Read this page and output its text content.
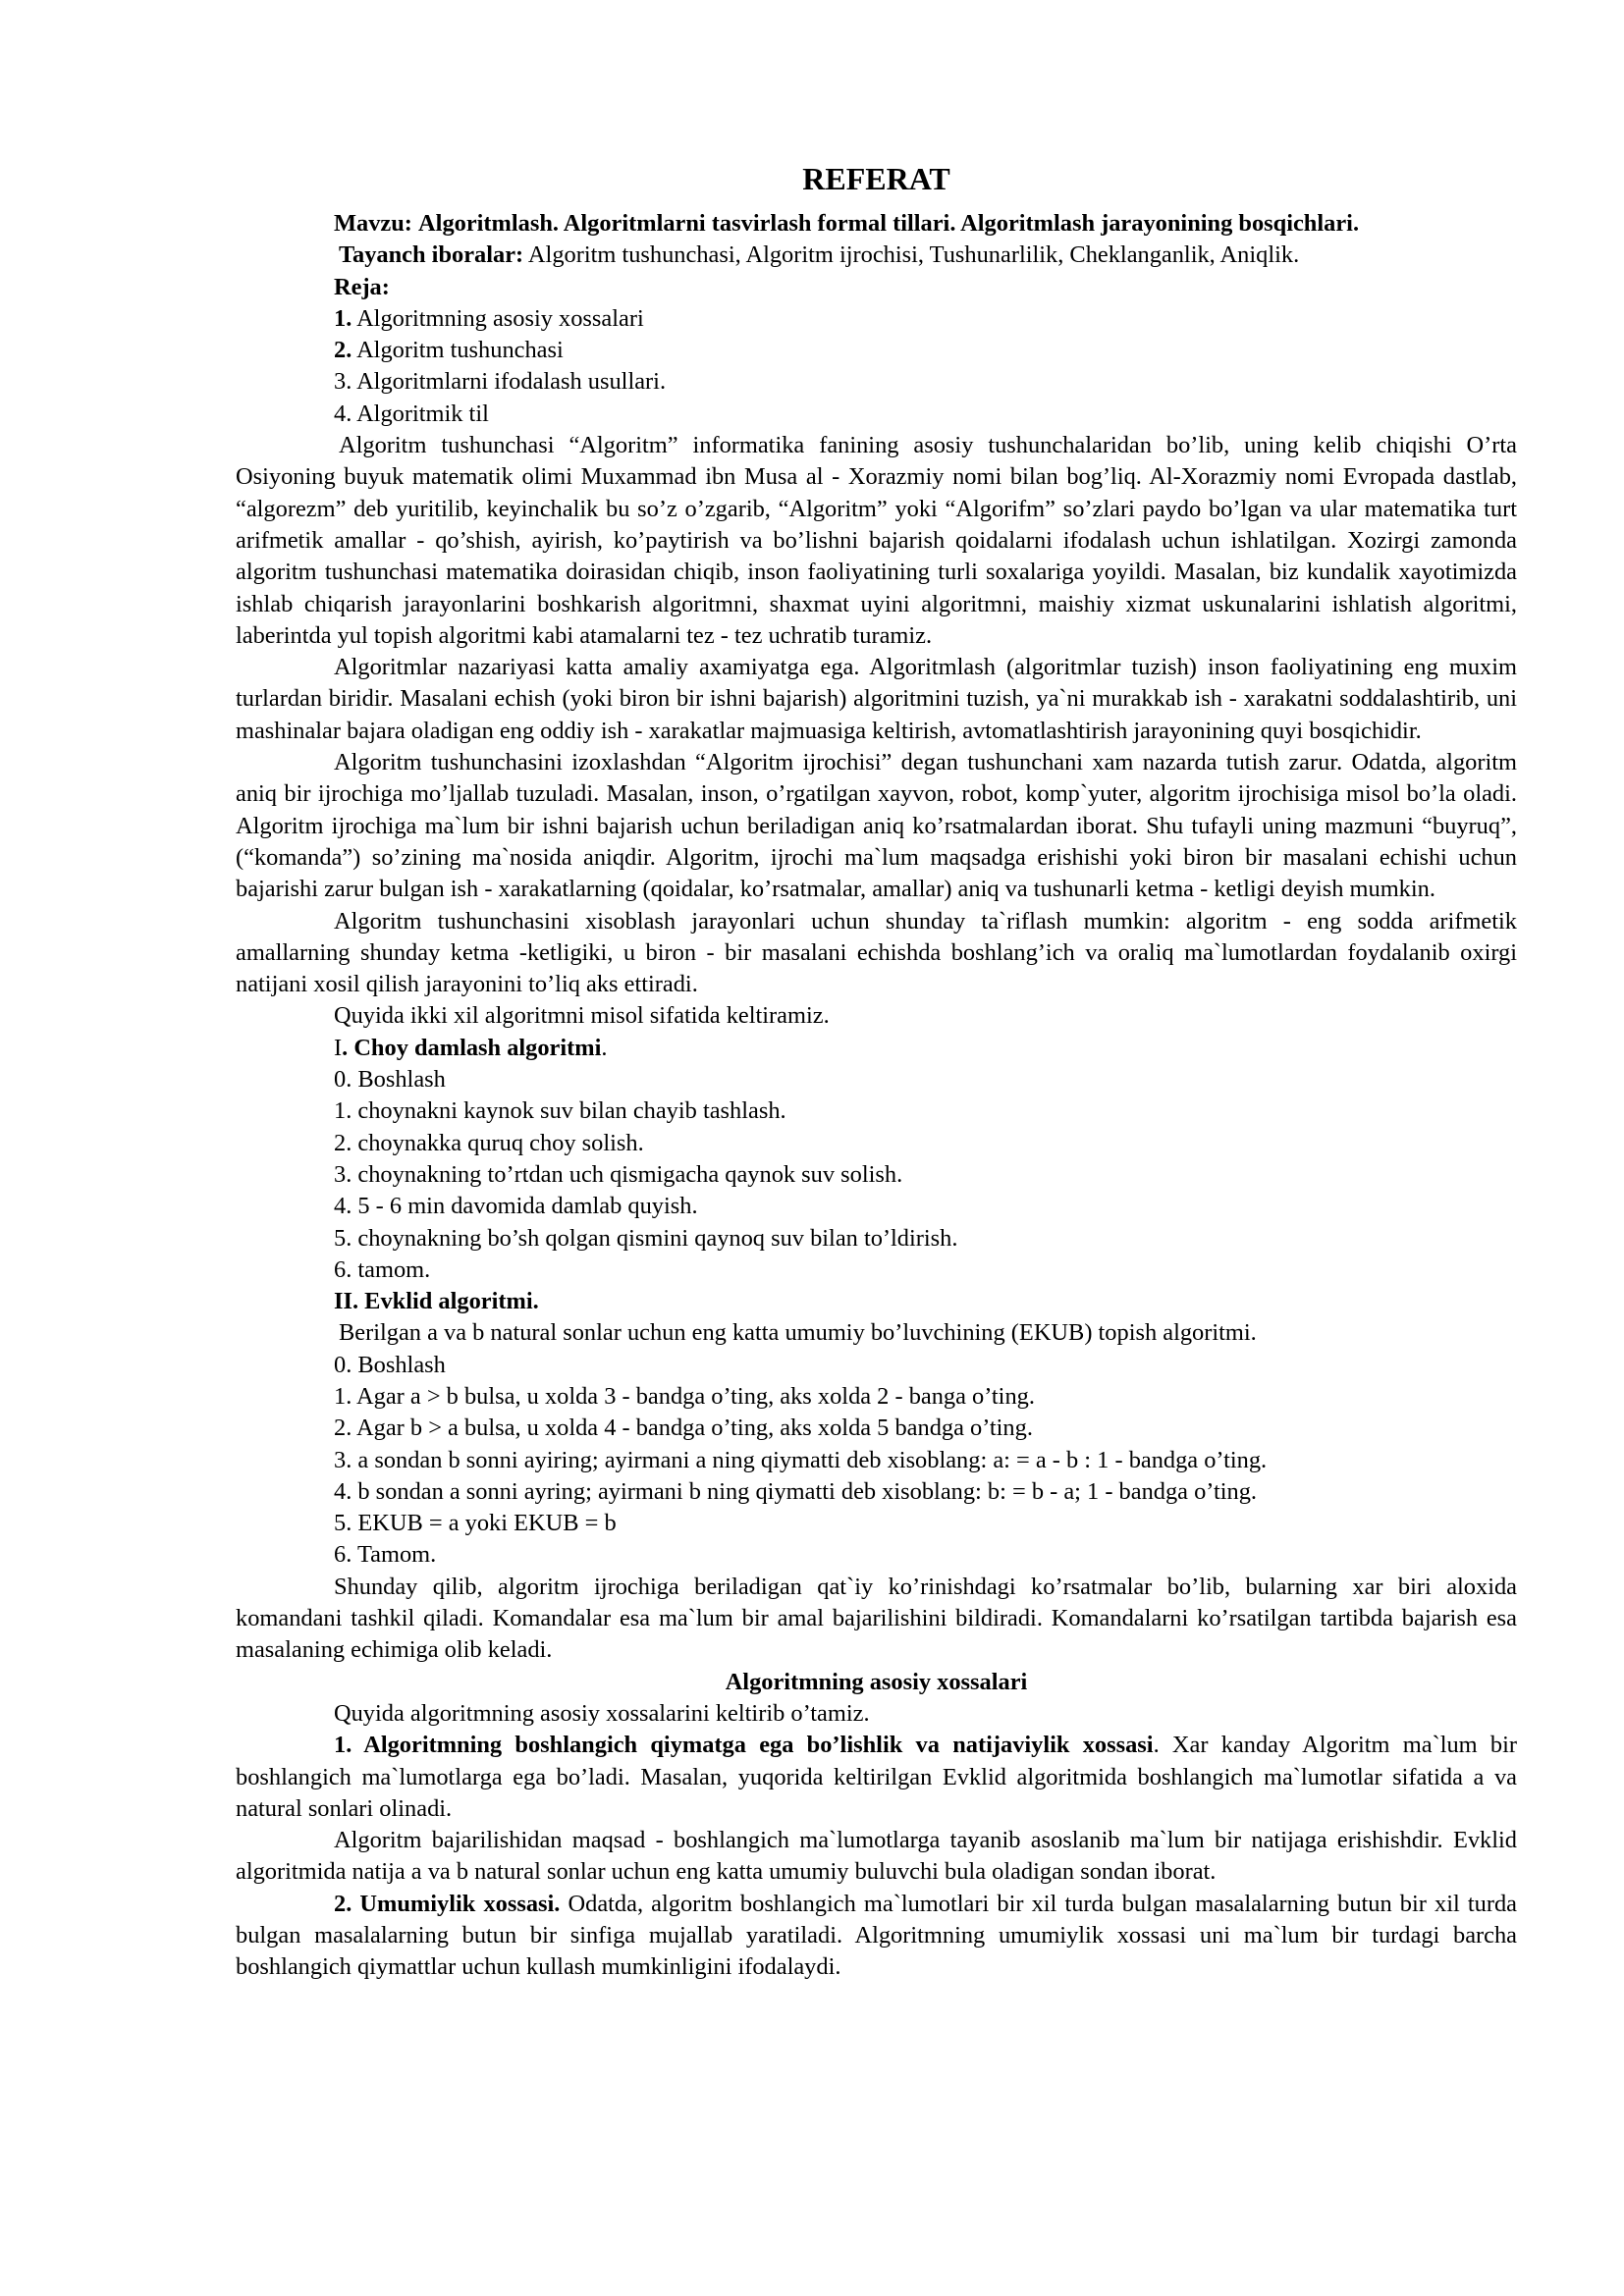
REFERAT
Mavzu: Algoritmlash. Algoritmlarni tasvirlash formal tillari. Algoritmlash jarayonining bosqichlari.
Tayanch iboralar: Algoritm tushunchasi, Algoritm ijrochisi, Tushunarlilik, Cheklanganlik, Aniqlik.
Reja:
1. Algoritmning asosiy xossalari
2. Algoritm tushunchasi
3. Algoritmlarni ifodalash usullari.
4. Algoritmik til
Algoritm tushunchasi “Algoritm” informatika fanining asosiy tushunchalaridan bo’lib, uning kelib chiqishi O’rta Osiyoning buyuk matematik olimi Muxammad ibn Musa al - Xorazmiy nomi bilan bog’liq. Al-Xorazmiy nomi Evropada dastlab, “algorezm” deb yuritilib, keyinchalik bu so’z o’zgarib, “Algoritm” yoki “Algorifm” so’zlari paydo bo’lgan va ular matematika turt arifmetik amallar - qo’shish, ayirish, ko’paytirish va bo’lishni bajarish qoidalarni ifodalash uchun ishlatilgan. Xozirgi zamonda algoritm tushunchasi matematika doirasidan chiqib, inson faoliyatining turli soxalariga yoyildi. Masalan, biz kundalik xayotimizda ishlab chiqarish jarayonlarini boshkarish algoritmni, shaxmat uyini algoritmni, maishiy xizmat uskunalarini ishlatish algoritmi, laberintda yul topish algoritmi kabi atamalarni tez - tez uchratib turamiz.
Algoritmlar nazariyasi katta amaliy axamiyatga ega. Algoritmlash (algoritmlar tuzish) inson faoliyatining eng muxim turlardan biridir. Masalani echish (yoki biron bir ishni bajarish) algoritmini tuzish, ya`ni murakkab ish - xarakatni soddalashtirib, uni mashinalar bajara oladigan eng oddiy ish - xarakatlar majmuasiga keltirish, avtomatlashtirish jarayonining quyi bosqichidir.
Algoritm tushunchasini izoxlashdan “Algoritm ijrochisi” degan tushunchani xam nazarda tutish zarur. Odatda, algoritm aniq bir ijrochiga mo’ljallab tuzuladi. Masalan, inson, o’rgatilgan xayvon, robot, komp`yuter, algoritm ijrochisiga misol bo’la oladi. Algoritm ijrochiga ma`lum bir ishni bajarish uchun beriladigan aniq ko’rsatmalardan iborat. Shu tufayli uning mazmuni “buyruq”, (“komanda”) so’zining ma`nosida aniqdir. Algoritm, ijrochi ma`lum maqsadga erishishi yoki biron bir masalani echishi uchun bajarishi zarur bulgan ish - xarakatlarning (qoidalar, ko’rsatmalar, amallar) aniq va tushunarli ketma - ketligi deyish mumkin.
Algoritm tushunchasini xisoblash jarayonlari uchun shunday ta`riflash mumkin: algoritm - eng sodda arifmetik amallarning shunday ketma -ketligiki, u biron - bir masalani echishda boshlang’ich va oraliq ma`lumotlardan foydalanib oxirgi natijani xosil qilish jarayonini to’liq aks ettiradi.
Quyida ikki xil algoritmni misol sifatida keltiramiz.
I. Choy damlash algoritmi.
0. Boshlash
1. choynakni kaynok suv bilan chayib tashlash.
2. choynakka quruq choy solish.
3. choynakning to’rtdan uch qismigacha qaynok suv solish.
4. 5 - 6 min davomida damlab quyish.
5. choynakning bo’sh qolgan qismini qaynoq suv bilan to’ldirish.
6. tamom.
II. Evklid algoritmi.
Berilgan a va b natural sonlar uchun eng katta umumiy bo’luvchining (EKUB) topish algoritmi.
0. Boshlash
1. Agar a > b bulsa, u xolda 3 - bandga o’ting, aks xolda 2 - banga o’ting.
2. Agar b > a bulsa, u xolda 4 - bandga o’ting, aks xolda 5 bandga o’ting.
3. a sondan b sonni ayiring; ayirmani a ning qiymatti deb xisoblang: a: = a - b : 1 - bandga o’ting.
4. b sondan a sonni ayring; ayirmani b ning qiymatti deb xisoblang: b: = b - a; 1 - bandga o’ting.
5. EKUB = a yoki EKUB = b
6. Tamom.
Shunday qilib, algoritm ijrochiga beriladigan qat`iy ko’rinishdagi ko’rsatmalar bo’lib, bularning xar biri aloxida komandani tashkil qiladi. Komandalar esa ma`lum bir amal bajarilishini bildiradi. Komandalarni ko’rsatilgan tartibda bajarish esa masalaning echimiga olib keladi.
Algoritmning asosiy xossalari
Quyida algoritmning asosiy xossalarini keltirib o’tamiz.
1. Algoritmning boshlangich qiymatga ega bo’lishlik va natijaviylik xossasi. Xar kanday Algoritm ma`lum bir boshlangich ma`lumotlarga ega bo’ladi. Masalan, yuqorida keltirilgan Evklid algoritmida boshlangich ma`lumotlar sifatida a va natural sonlari olinadi.
Algoritm bajarilishidan maqsad - boshlangich ma`lumotlarga tayanib asoslanib ma`lum bir natijaga erishishdir. Evklid algoritmida natija a va b natural sonlar uchun eng katta umumiy buluvchi bula oladigan sondan iborat.
2. Umumiylik xossasi. Odatda, algoritm boshlangich ma`lumotlari bir xil turda bulgan masalalarning butun bir xil turda bulgan masalalarning butun bir sinfiga mujallab yaratiladi. Algoritmning umumiylik xossasi uni ma`lum bir turdagi barcha boshlangich qiymattlar uchun kullash mumkinligini ifodalaydi.
